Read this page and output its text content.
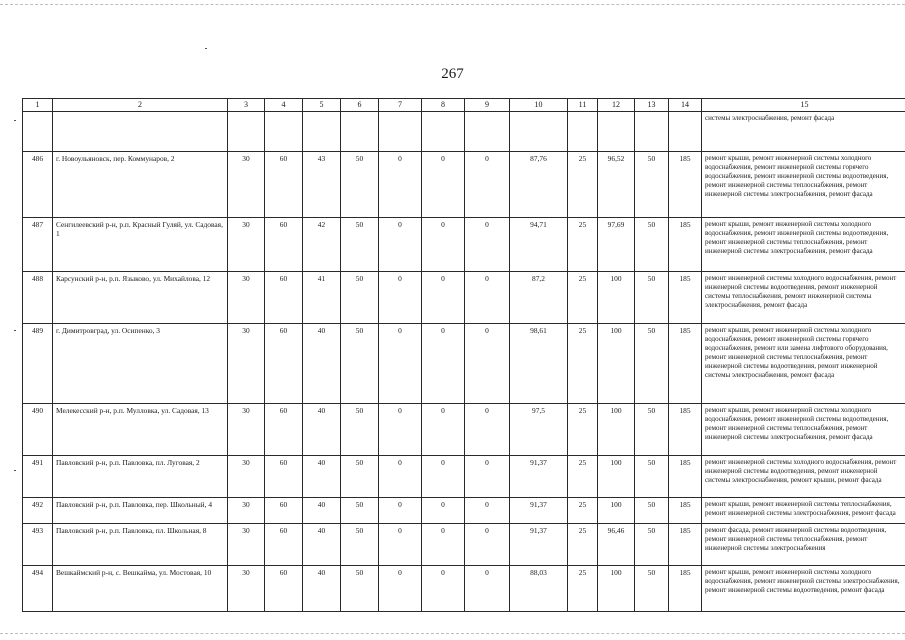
267
1	2	3	4	5	6	7	8	9	10	11	12	13	14	15
														системы электроснабжения, ремонт фасада
486	г. Новоульяновск, пер. Коммунаров, 2	30	60	43	50	0	0	0	87,76	25	96,52	50	185	ремонт крыши, ремонт инженерной системы холодного водоснабжения, ремонт инженерной системы горячего водоснабжения, ремонт инженерной системы водоотведения, ремонт инженерной системы теплоснабжения, ремонт инженерной системы электроснабжения, ремонт фасада
487	Сенгилеевский р-н, р.п. Красный Гуляй, ул. Садовая, 1	30	60	42	50	0	0	0	94,71	25	97,69	50	185	ремонт крыши, ремонт инженерной системы холодного водоснабжения, ремонт инженерной системы водоотведения, ремонт инженерной системы теплоснабжения, ремонт инженерной системы электроснабжения, ремонт фасада
488	Карсунский р-н, р.п. Языково, ул. Михайлова, 12	30	60	41	50	0	0	0	87,2	25	100	50	185	ремонт инженерной системы холодного водоснабжения, ремонт инженерной системы водоотведения, ремонт инженерной системы теплоснабжения, ремонт инженерной системы электроснабжения, ремонт фасада
489	г. Димитровград, ул. Осипенко, 3	30	60	40	50	0	0	0	98,61	25	100	50	185	ремонт крыши, ремонт инженерной системы холодного водоснабжения, ремонт инженерной системы горячего водоснабжения, ремонт или замена лифтового оборудования, ремонт инженерной системы теплоснабжения, ремонт инженерной системы водоотведения, ремонт инженерной системы электроснабжения, ремонт фасада
490	Мелекесский р-н, р.п. Мулловка, ул. Садовая, 13	30	60	40	50	0	0	0	97,5	25	100	50	185	ремонт крыши, ремонт инженерной системы холодного водоснабжения, ремонт инженерной системы водоотведения, ремонт инженерной системы теплоснабжения, ремонт инженерной системы электроснабжения, ремонт фасада
491	Павловский р-н, р.п. Павловка, пл. Луговая, 2	30	60	40	50	0	0	0	91,37	25	100	50	185	ремонт инженерной системы холодного водоснабжения, ремонт инженерной системы водоотведения, ремонт инженерной системы электроснабжения, ремонт крыши, ремонт фасада
492	Павловский р-н, р.п. Павловка, пер. Школьный, 4	30	60	40	50	0	0	0	91,37	25	100	50	185	ремонт крыши, ремонт инженерной системы теплоснабжения, ремонт инженерной системы электроснабжения, ремонт фасада
493	Павловский р-н, р.п. Павловка, пл. Школьная, 8	30	60	40	50	0	0	0	91,37	25	96,46	50	185	ремонт фасада, ремонт инженерной системы водоотведения, ремонт инженерной системы теплоснабжения, ремонт инженерной системы электроснабжения
494	Вешкаймский р-н, с. Вешкайма, ул. Мостовая, 10	30	60	40	50	0	0	0	88,03	25	100	50	185	ремонт крыши, ремонт инженерной системы холодного водоснабжения, ремонт инженерной системы электроснабжения, ремонт инженерной системы водоотведения, ремонт фасада
